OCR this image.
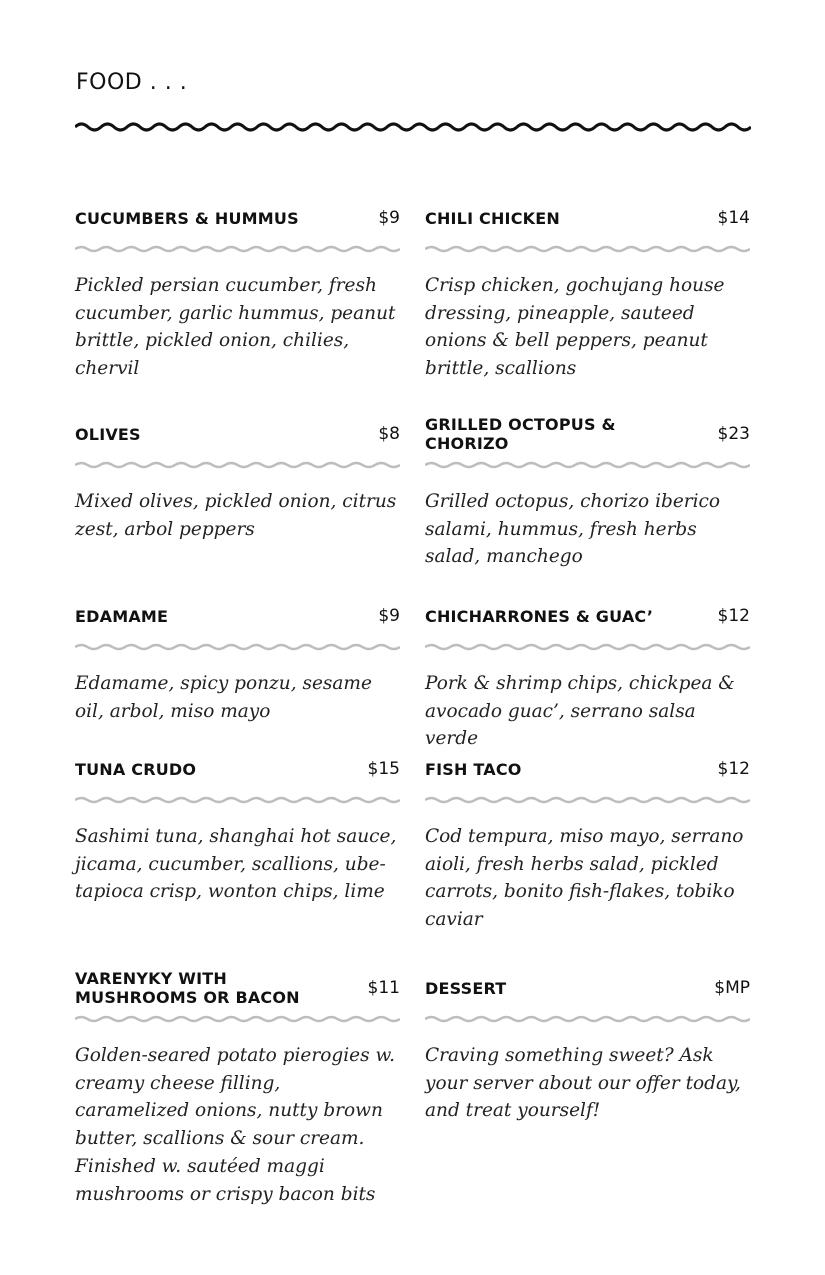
FOOD . . .
CUCUMBERS & HUMMUS	$9
Pickled persian cucumber, fresh cucumber, garlic hummus, peanut brittle, pickled onion, chilies, chervil
CHILI CHICKEN	$14
Crisp chicken, gochujang house dressing, pineapple, sauteed onions & bell peppers, peanut brittle, scallions
OLIVES	$8
Mixed olives, pickled onion, citrus zest, arbol peppers
GRILLED OCTOPUS & CHORIZO	$23
Grilled octopus, chorizo iberico salami, hummus, fresh herbs salad, manchego
EDAMAME	$9
Edamame, spicy ponzu, sesame oil, arbol, miso mayo
CHICHARRONES & GUAC’	$12
Pork & shrimp chips, chickpea & avocado guac’, serrano salsa verde
TUNA CRUDO	$15
Sashimi tuna, shanghai hot sauce, jicama, cucumber, scallions, ube-tapioca crisp, wonton chips, lime
FISH TACO	$12
Cod tempura, miso mayo, serrano aioli, fresh herbs salad, pickled carrots, bonito fish-flakes, tobiko caviar
VARENYKY WITH MUSHROOMS OR BACON	$11
Golden-seared potato pierogies w. creamy cheese filling, caramelized onions, nutty brown butter, scallions & sour cream. Finished w. sautéed maggi mushrooms or crispy bacon bits
DESSERT	$MP
Craving something sweet? Ask your server about our offer today, and treat yourself!
